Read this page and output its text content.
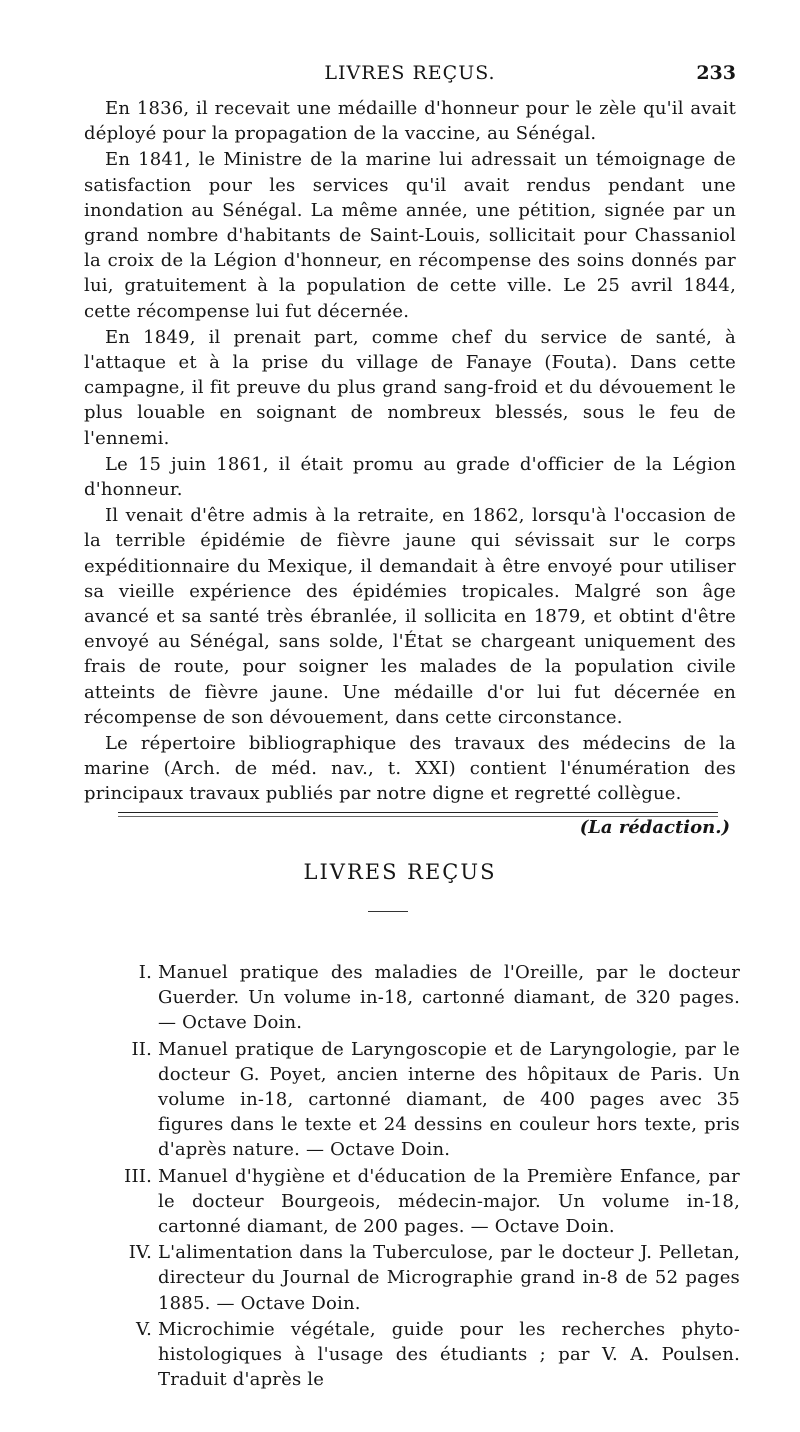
LIVRES REÇUS.	233

En 1836, il recevait une médaille d'honneur pour le zèle qu'il avait déployé pour la propagation de la vaccine, au Sénégal.

En 1841, le Ministre de la marine lui adressait un témoignage de satisfaction pour les services qu'il avait rendus pendant une inondation au Sénégal. La même année, une pétition, signée par un grand nombre d'habitants de Saint-Louis, sollicitait pour Chassaniol la croix de la Légion d'honneur, en récompense des soins donnés par lui, gratuitement à la population de cette ville. Le 25 avril 1844, cette récompense lui fut décernée.

En 1849, il prenait part, comme chef du service de santé, à l'attaque et à la prise du village de Fanaye (Fouta). Dans cette campagne, il fit preuve du plus grand sang-froid et du dévouement le plus louable en soignant de nombreux blessés, sous le feu de l'ennemi.

Le 15 juin 1861, il était promu au grade d'officier de la Légion d'honneur.

Il venait d'être admis à la retraite, en 1862, lorsqu'à l'occasion de la terrible épidémie de fièvre jaune qui sévissait sur le corps expéditionnaire du Mexique, il demandait à être envoyé pour utiliser sa vieille expérience des épidémies tropicales. Malgré son âge avancé et sa santé très ébranlée, il sollicita en 1879, et obtint d'être envoyé au Sénégal, sans solde, l'État se chargeant uniquement des frais de route, pour soigner les malades de la population civile atteints de fièvre jaune. Une médaille d'or lui fut décernée en récompense de son dévouement, dans cette circonstance.

Le répertoire bibliographique des travaux des médecins de la marine (Arch. de méd. nav., t. XXI) contient l'énumération des principaux travaux publiés par notre digne et regretté collègue.

(La rédaction.)
LIVRES REÇUS
I. Manuel pratique des maladies de l'Oreille, par le docteur Guerder. Un volume in-18, cartonné diamant, de 320 pages. — Octave Doin.
II. Manuel pratique de Laryngoscopie et de Laryngologie, par le docteur G. Poyet, ancien interne des hôpitaux de Paris. Un volume in-18, cartonné diamant, de 400 pages avec 35 figures dans le texte et 24 dessins en couleur hors texte, pris d'après nature. — Octave Doin.
III. Manuel d'hygiène et d'éducation de la Première Enfance, par le docteur Bourgeois, médecin-major. Un volume in-18, cartonné diamant, de 200 pages. — Octave Doin.
IV. L'alimentation dans la Tuberculose, par le docteur J. Pelletan, directeur du Journal de Micrographie grand in-8 de 52 pages 1885. — Octave Doin.
V. Microchimie végétale, guide pour les recherches phyto-histologiques à l'usage des étudiants ; par V. A. Poulsen. Traduit d'après le
